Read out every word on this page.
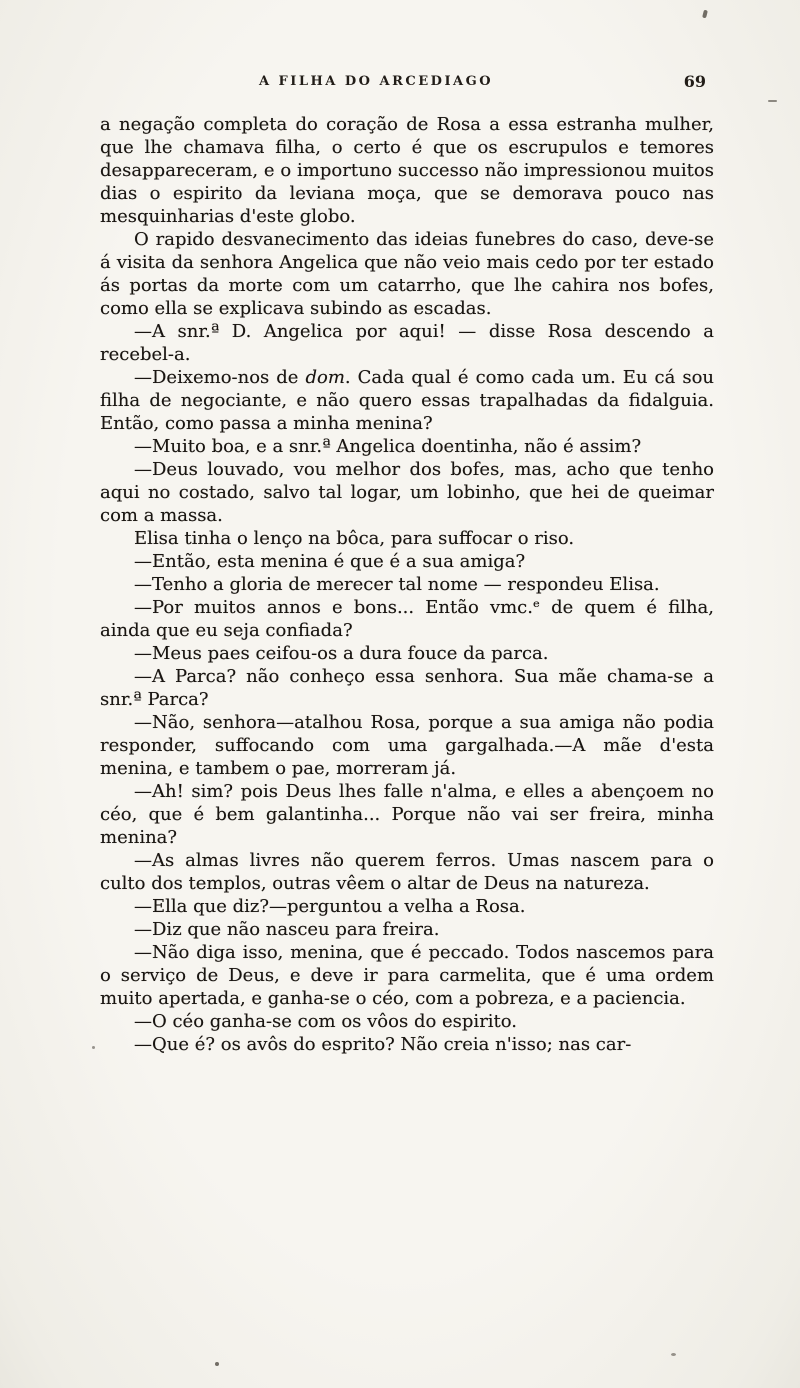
A FILHA DO ARCEDIAGO	69

a negação completa do coração de Rosa a essa estranha mulher, que lhe chamava filha, o certo é que os escrupulos e temores desappareceram, e o importuno successo não impressionou muitos dias o espirito da leviana moça, que se demorava pouco nas mesquinharias d'este globo.

O rapido desvanecimento das ideias funebres do caso, deve-se á visita da senhora Angelica que não veio mais cedo por ter estado ás portas da morte com um catarrho, que lhe cahira nos bofes, como ella se explicava subindo as escadas.

—A snr.ª D. Angelica por aqui! — disse Rosa descendo a recebel-a.

—Deixemo-nos de dom. Cada qual é como cada um. Eu cá sou filha de negociante, e não quero essas trapalhadas da fidalguia. Então, como passa a minha menina?

—Muito boa, e a snr.ª Angelica doentinha, não é assim?

—Deus louvado, vou melhor dos bofes, mas, acho que tenho aqui no costado, salvo tal logar, um lobinho, que hei de queimar com a massa.

Elisa tinha o lenço na bôca, para suffocar o riso.

—Então, esta menina é que é a sua amiga?

—Tenho a gloria de merecer tal nome — respondeu Elisa.

—Por muitos annos e bons... Então vmc.ᵉ de quem é filha, ainda que eu seja confiada?

—Meus paes ceifou-os a dura fouce da parca.

—A Parca? não conheço essa senhora. Sua mãe chama-se a snr.ª Parca?

—Não, senhora—atalhou Rosa, porque a sua amiga não podia responder, suffocando com uma gargalhada.—A mãe d'esta menina, e tambem o pae, morreram já.

—Ah! sim? pois Deus lhes falle n'alma, e elles a abençoem no céo, que é bem galantinha... Porque não vai ser freira, minha menina?

—As almas livres não querem ferros. Umas nascem para o culto dos templos, outras vêem o altar de Deus na natureza.

—Ella que diz?—perguntou a velha a Rosa.

—Diz que não nasceu para freira.

—Não diga isso, menina, que é peccado. Todos nascemos para o serviço de Deus, e deve ir para carmelita, que é uma ordem muito apertada, e ganha-se o céo, com a pobreza, e a paciencia.

—O céo ganha-se com os vôos do espirito.

—Que é? os avôs do esprito? Não creia n'isso; nas car-
